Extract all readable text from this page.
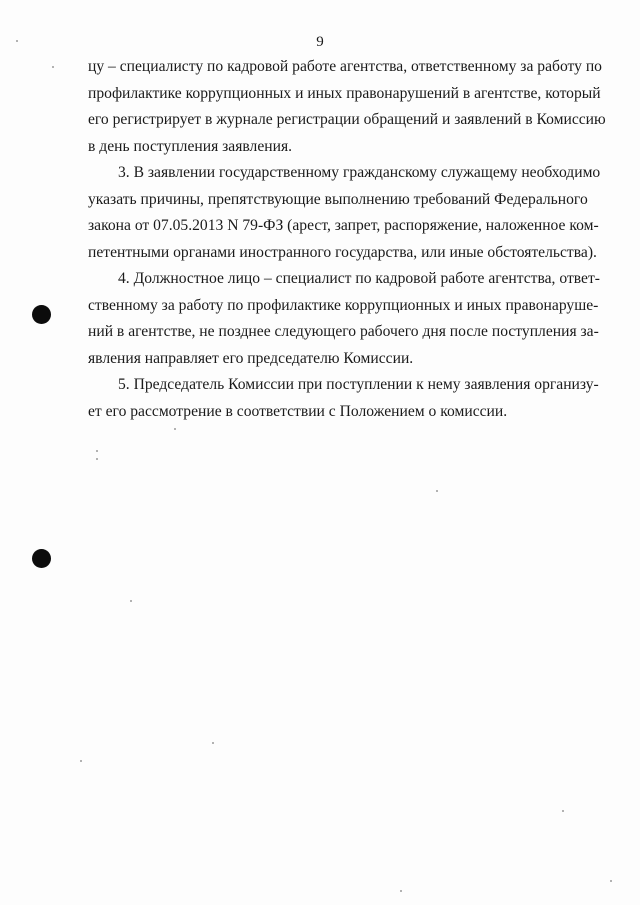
9

цу – специалисту по кадровой работе агентства, ответственному за работу по
профилактике коррупционных и иных правонарушений в агентстве, который
его регистрирует в журнале регистрации обращений и заявлений в Комиссию
в день поступления заявления.

3. В заявлении государственному гражданскому служащему необходимо
указать причины, препятствующие выполнению требований Федерального
закона от 07.05.2013 N 79-ФЗ (арест, запрет, распоряжение, наложенное ком-
петентными органами иностранного государства, или иные обстоятельства).

4. Должностное лицо – специалист по кадровой работе агентства, ответ-
ственному за работу по профилактике коррупционных и иных правонаруше-
ний в агентстве, не позднее следующего рабочего дня после поступления за-
явления направляет его председателю Комиссии.

5. Председатель Комиссии при поступлении к нему заявления организу-
ет его рассмотрение в соответствии с Положением о комиссии.
